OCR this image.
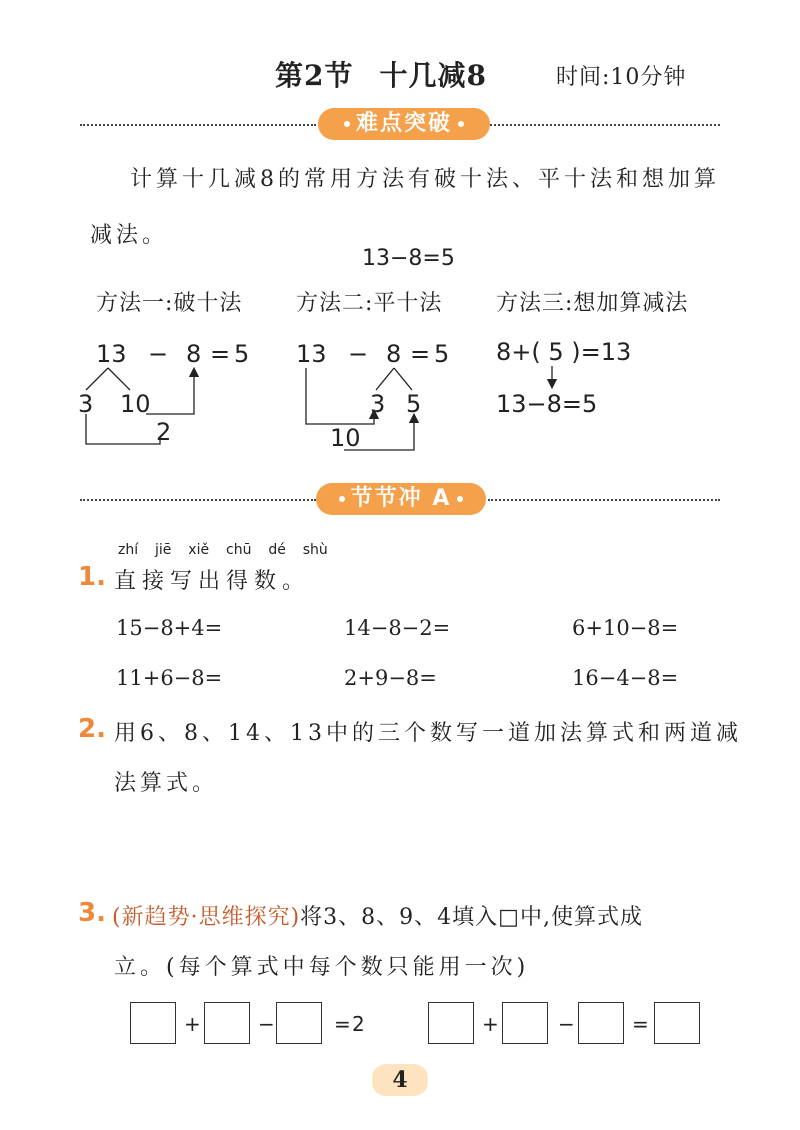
第2节 十几减8	时间:10分钟
难点突破
计算十几减8的常用方法有破十法、平十法和想加算减法。
13−8=5
方法一:破十法 方法二:平十法 方法三:想加算减法
13 − 8 = 5
3 10
2
13 − 8 = 5
3 5
10
8+( 5 )=13
13−8=5
节节冲 A
zhí  jiē  xiě  chū  dé  shù
1. 直接写出得数。
15−8+4=	14−8−2=	6+10−8=
11+6−8=	2+9−8=	16−4−8=
2. 用6、8、14、13中的三个数写一道加法算式和两道减
法算式。
3. (新趋势·思维探究)将3、8、9、4填入□中,使算式成
立。(每个算式中每个数只能用一次)
+	−	= 2	+	−	=
4
